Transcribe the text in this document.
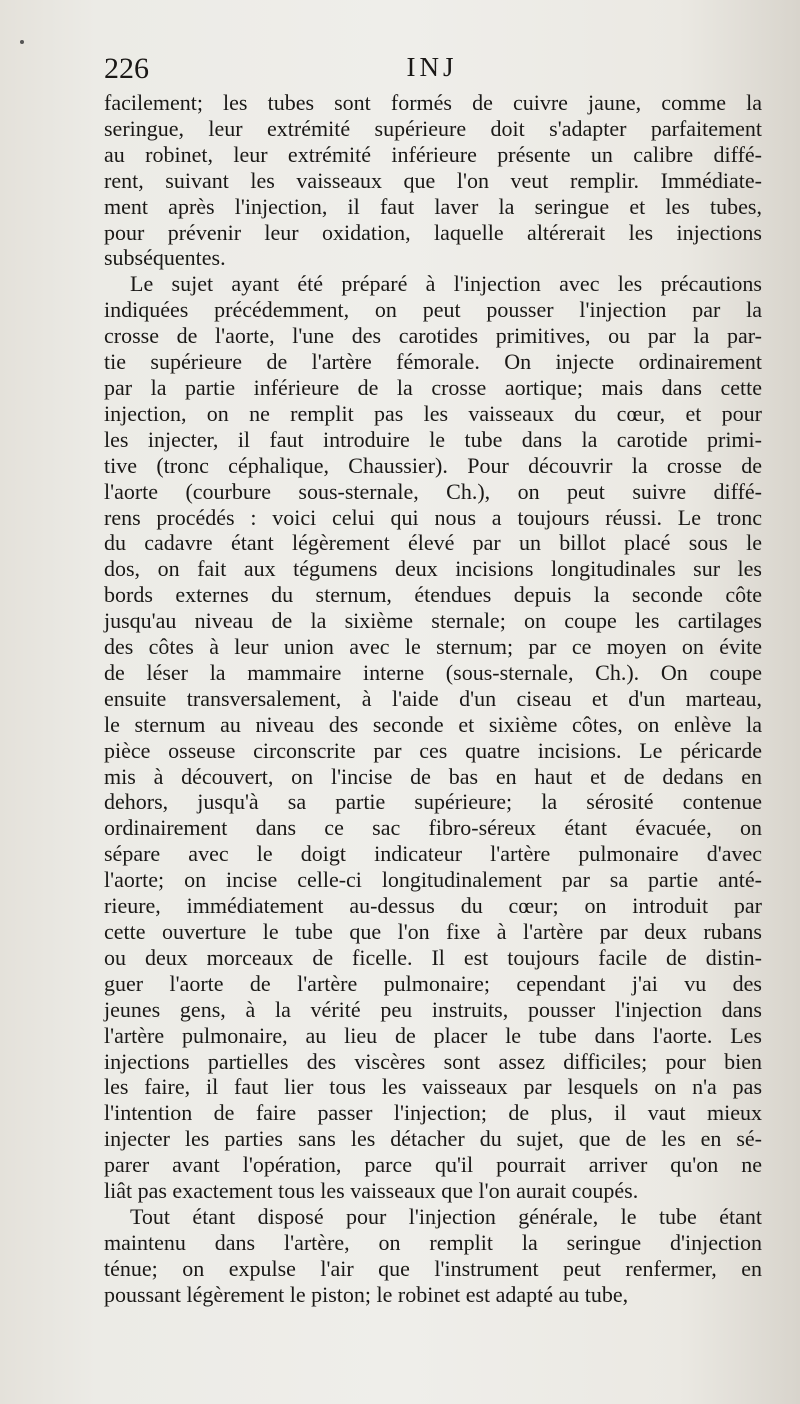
226	INJ
facilement; les tubes sont formés de cuivre jaune, comme la
seringue, leur extrémité supérieure doit s'adapter parfaitement
au robinet, leur extrémité inférieure présente un calibre diffé-
rent, suivant les vaisseaux que l'on veut remplir. Immédiate-
ment après l'injection, il faut laver la seringue et les tubes,
pour prévenir leur oxidation, laquelle altérerait les injections
subséquentes.
Le sujet ayant été préparé à l'injection avec les précautions
indiquées précédemment, on peut pousser l'injection par la
crosse de l'aorte, l'une des carotides primitives, ou par la par-
tie supérieure de l'artère fémorale. On injecte ordinairement
par la partie inférieure de la crosse aortique; mais dans cette
injection, on ne remplit pas les vaisseaux du cœur, et pour
les injecter, il faut introduire le tube dans la carotide primi-
tive (tronc céphalique, Chaussier). Pour découvrir la crosse de
l'aorte (courbure sous-sternale, Ch.), on peut suivre diffé-
rens procédés : voici celui qui nous a toujours réussi. Le tronc
du cadavre étant légèrement élevé par un billot placé sous le
dos, on fait aux tégumens deux incisions longitudinales sur les
bords externes du sternum, étendues depuis la seconde côte
jusqu'au niveau de la sixième sternale; on coupe les cartilages
des côtes à leur union avec le sternum; par ce moyen on évite
de léser la mammaire interne (sous-sternale, Ch.). On coupe
ensuite transversalement, à l'aide d'un ciseau et d'un marteau,
le sternum au niveau des seconde et sixième côtes, on enlève la
pièce osseuse circonscrite par ces quatre incisions. Le péricarde
mis à découvert, on l'incise de bas en haut et de dedans en
dehors, jusqu'à sa partie supérieure; la sérosité contenue
ordinairement dans ce sac fibro-séreux étant évacuée, on
sépare avec le doigt indicateur l'artère pulmonaire d'avec
l'aorte; on incise celle-ci longitudinalement par sa partie anté-
rieure, immédiatement au-dessus du cœur; on introduit par
cette ouverture le tube que l'on fixe à l'artère par deux rubans
ou deux morceaux de ficelle. Il est toujours facile de distin-
guer l'aorte de l'artère pulmonaire; cependant j'ai vu des
jeunes gens, à la vérité peu instruits, pousser l'injection dans
l'artère pulmonaire, au lieu de placer le tube dans l'aorte. Les
injections partielles des viscères sont assez difficiles; pour bien
les faire, il faut lier tous les vaisseaux par lesquels on n'a pas
l'intention de faire passer l'injection; de plus, il vaut mieux
injecter les parties sans les détacher du sujet, que de les en sé-
parer avant l'opération, parce qu'il pourrait arriver qu'on ne
liât pas exactement tous les vaisseaux que l'on aurait coupés.
Tout étant disposé pour l'injection générale, le tube étant
maintenu dans l'artère, on remplit la seringue d'injection
ténue; on expulse l'air que l'instrument peut renfermer, en
poussant légèrement le piston; le robinet est adapté au tube,
